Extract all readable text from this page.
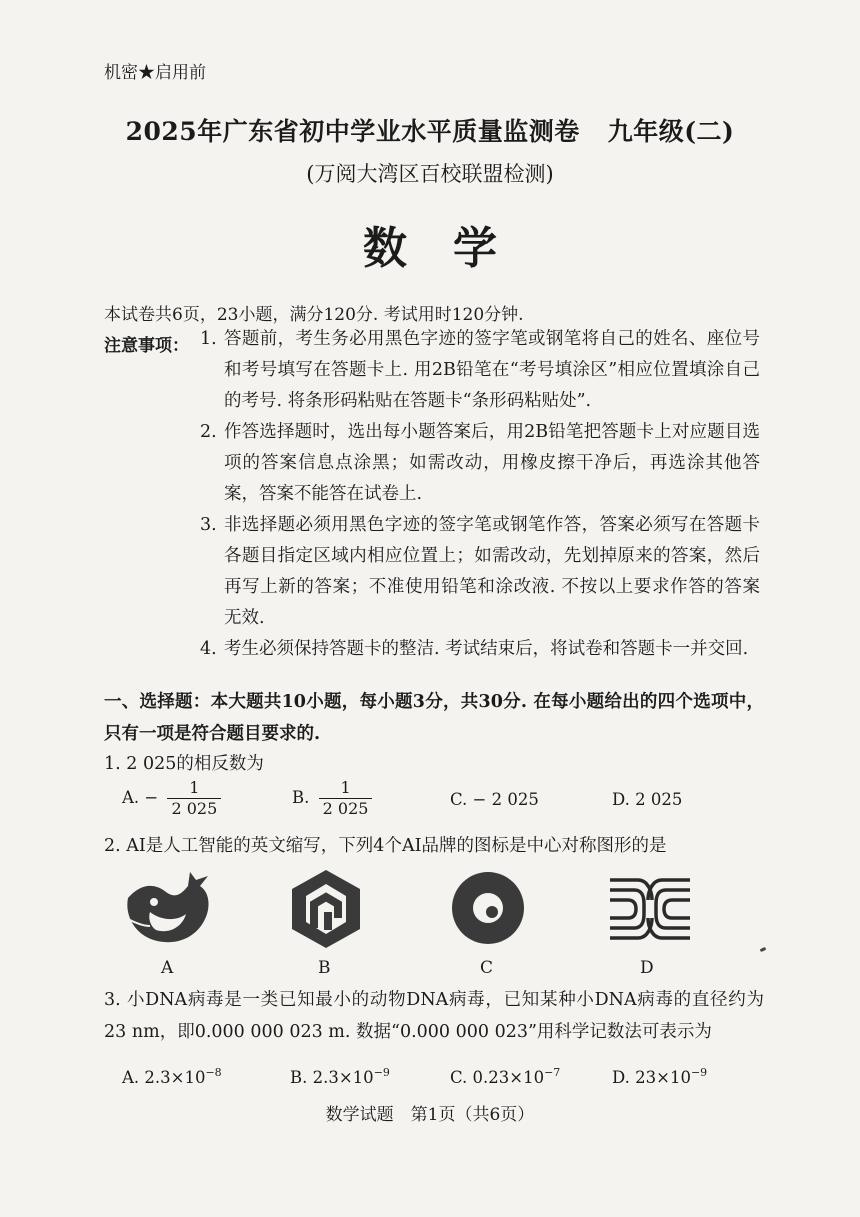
机密★启用前
2025年广东省初中学业水平质量监测卷 九年级(二)
(万阅大湾区百校联盟检测)
数学
本试卷共6页，23小题，满分120分. 考试用时120分钟.
注意事项： 1. 答题前，考生务必用黑色字迹的签字笔或钢笔将自己的姓名、座位号和考号填写在答题卡上. 用2B铅笔在“考号填涂区”相应位置填涂自己的考号. 将条形码粘贴在答题卡“条形码粘贴处”.
2. 作答选择题时，选出每小题答案后，用2B铅笔把答题卡上对应题目选项的答案信息点涂黑；如需改动，用橡皮擦干净后，再选涂其他答案，答案不能答在试卷上.
3. 非选择题必须用黑色字迹的签字笔或钢笔作答，答案必须写在答题卡各题目指定区域内相应位置上；如需改动，先划掉原来的答案，然后再写上新的答案；不准使用铅笔和涂改液. 不按以上要求作答的答案无效.
4. 考生必须保持答题卡的整洁. 考试结束后，将试卷和答题卡一并交回.
一、选择题：本大题共10小题，每小题3分，共30分. 在每小题给出的四个选项中，只有一项是符合题目要求的.
1. 2 025的相反数为
A. − $\frac{1}{2 025}$	B. $\frac{1}{2 025}$	C. − 2 025	D. 2 025
2. AI是人工智能的英文缩写，下列4个AI品牌的图标是中心对称图形的是
A	B	C	D
3. 小DNA病毒是一类已知最小的动物DNA病毒，已知某种小DNA病毒的直径约为23 nm，即0.000 000 023 m. 数据“0.000 000 023”用科学记数法可表示为
A. $2.3\times 10^{-8}$	B. $2.3\times 10^{-9}$	C. $0.23\times 10^{-7}$	D. $23\times 10^{-9}$
数学试题　第1页（共6页）
